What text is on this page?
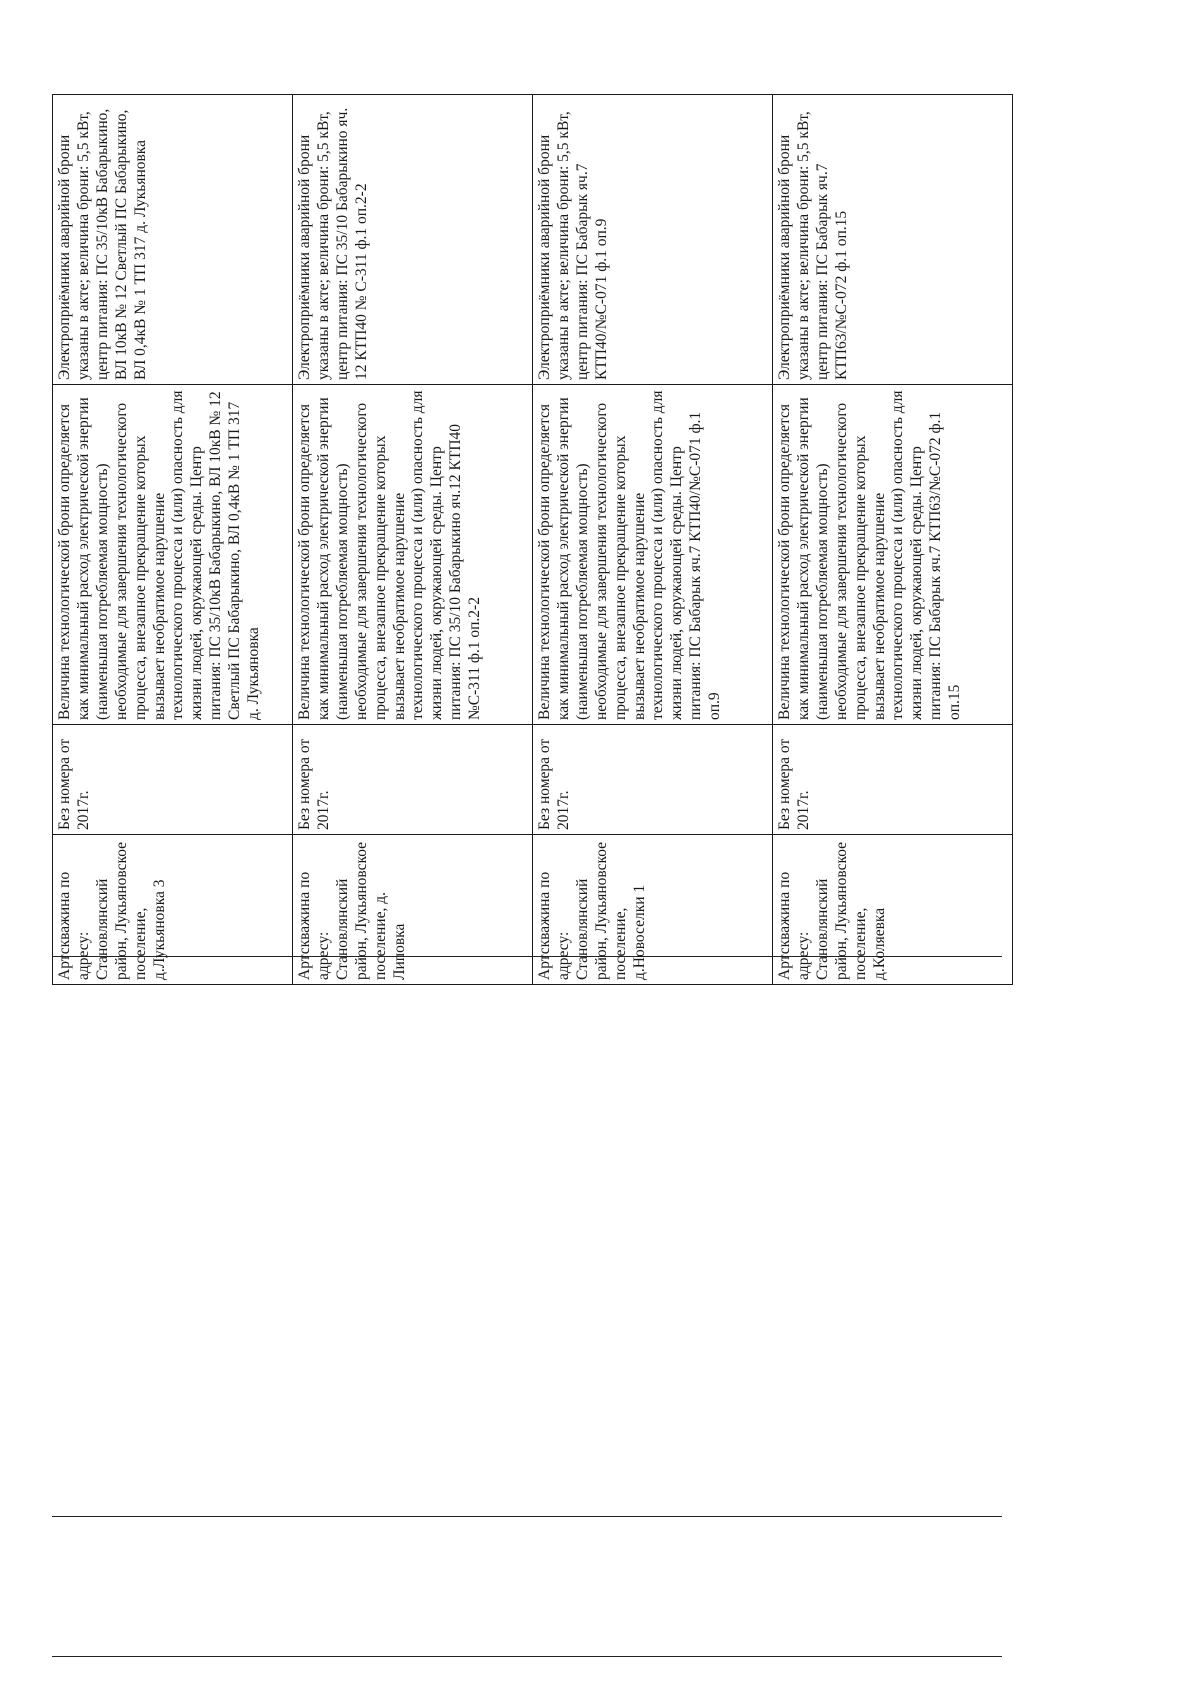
Артскважина по адресу: Становлянский район, Лукьяновское поселение, д.Лукьяновка 3	Без номера от 2017г.	Величина технологической брони определяется как минимальный расход электрической энергии (наименьшая потребляемая мощность) необходимые для завершения технологического процесса, внезапное прекращение которых вызывает необратимое нарушение технологического процесса и (или) опасность для жизни людей, окружающей среды. Центр питания: ПС 35/10кВ Бабарыкино, ВЛ 10кВ № 12 Светлый ПС Бабарыкино, ВЛ 0,4кВ № 1 ТП 317 д. Лукьяновка	Электроприёмники аварийной брони указаны в акте; величина брони: 5,5 кВт, центр питания: ПС 35/10кВ Бабарыкино, ВЛ 10кВ № 12 Светлый ПС Бабарыкино, ВЛ 0,4кВ № 1 ТП 317 д. Лукьяновка

Артскважина по адресу: Становлянский район, Лукьяновское поселение, д. Липовка	Без номера от 2017г.	Величина технологической брони определяется как минимальный расход электрической энергии (наименьшая потребляемая мощность) необходимые для завершения технологического процесса, внезапное прекращение которых вызывает необратимое нарушение технологического процесса и (или) опасность для жизни людей, окружающей среды. Центр питания: ПС 35/10 Бабарыкино яч.12 КТП40 №С-311 ф.1 оп.2-2	Электроприёмники аварийной брони указаны в акте; величина брони: 5,5 кВт, центр питания: ПС 35/10 Бабарыкино яч. 12 КТП40 № С-311 ф.1 оп.2-2

Артскважина по адресу: Становлянский район, Лукьяновское поселение, д.Новоселки 1	Без номера от 2017г.	Величина технологической брони определяется как минимальный расход электрической энергии (наименьшая потребляемая мощность) необходимые для завершения технологического процесса, внезапное прекращение которых вызывает необратимое нарушение технологического процесса и (или) опасность для жизни людей, окружающей среды. Центр питания: ПС Бабарык яч.7 КТП40/№С-071 ф.1 оп.9	Электроприёмники аварийной брони указаны в акте; величина брони: 5,5 кВт, центр питания: ПС Бабарык яч.7 КТП40/№С-071 ф.1 оп.9

Артскважина по адресу: Становлянский район, Лукьяновское поселение, д.Коляевка	Без номера от 2017г.	Величина технологической брони определяется как минимальный расход электрической энергии (наименьшая потребляемая мощность) необходимые для завершения технологического процесса, внезапное прекращение которых вызывает необратимое нарушение технологического процесса и (или) опасность для жизни людей, окружающей среды. Центр питания: ПС Бабарык яч.7 КТП63/№С-072 ф.1 оп.15	Электроприёмники аварийной брони указаны в акте; величина брони: 5,5 кВт, центр питания: ПС Бабарык яч.7 КТП63/№С-072 ф.1 оп.15
